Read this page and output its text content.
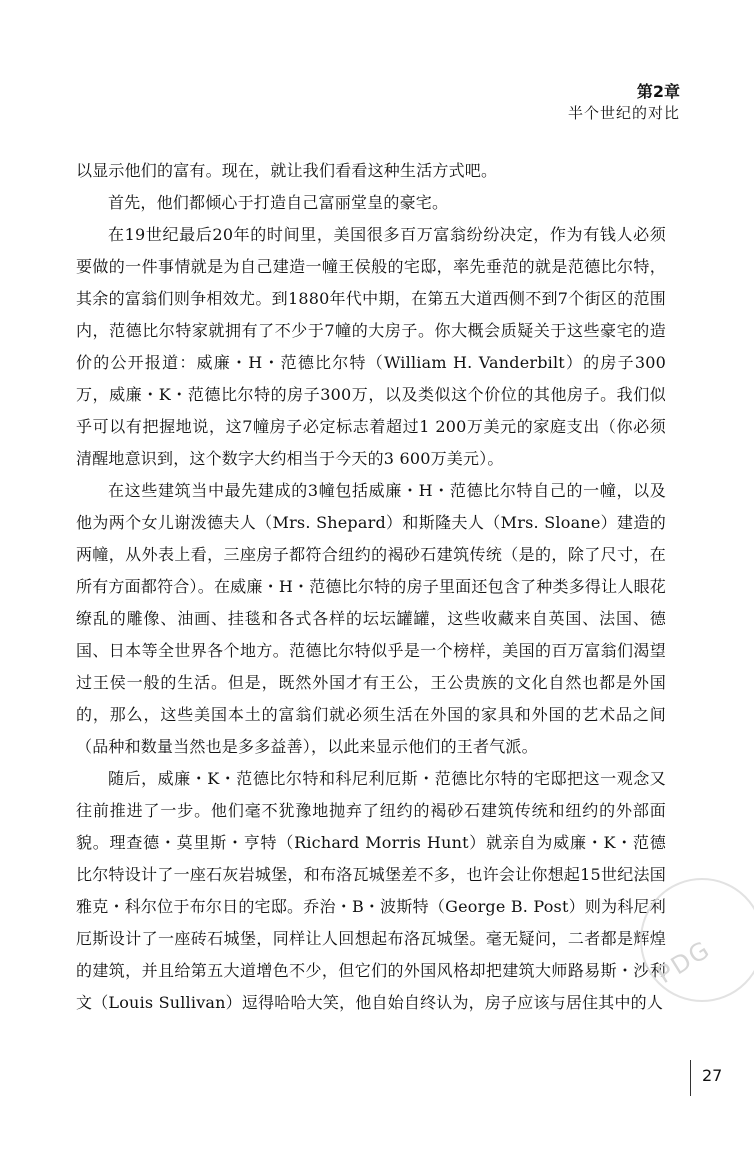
第2章
半个世纪的对比

以显示他们的富有。现在，就让我们看看这种生活方式吧。

首先，他们都倾心于打造自己富丽堂皇的豪宅。

在19世纪最后20年的时间里，美国很多百万富翁纷纷决定，作为有钱人必须要做的一件事情就是为自己建造一幢王侯般的宅邸，率先垂范的就是范德比尔特，其余的富翁们则争相效尤。到1880年代中期，在第五大道西侧不到7个街区的范围内，范德比尔特家就拥有了不少于7幢的大房子。你大概会质疑关于这些豪宅的造价的公开报道：威廉・H・范德比尔特（William H. Vanderbilt）的房子300万，威廉・K・范德比尔特的房子300万，以及类似这个价位的其他房子。我们似乎可以有把握地说，这7幢房子必定标志着超过1 200万美元的家庭支出（你必须清醒地意识到，这个数字大约相当于今天的3 600万美元）。

在这些建筑当中最先建成的3幢包括威廉・H・范德比尔特自己的一幢，以及他为两个女儿谢泼德夫人（Mrs. Shepard）和斯隆夫人（Mrs. Sloane）建造的两幢，从外表上看，三座房子都符合纽约的褐砂石建筑传统（是的，除了尺寸，在所有方面都符合）。在威廉・H・范德比尔特的房子里面还包含了种类多得让人眼花缭乱的雕像、油画、挂毯和各式各样的坛坛罐罐，这些收藏来自英国、法国、德国、日本等全世界各个地方。范德比尔特似乎是一个榜样，美国的百万富翁们渴望过王侯一般的生活。但是，既然外国才有王公，王公贵族的文化自然也都是外国的，那么，这些美国本土的富翁们就必须生活在外国的家具和外国的艺术品之间（品种和数量当然也是多多益善），以此来显示他们的王者气派。

随后，威廉・K・范德比尔特和科尼利厄斯・范德比尔特的宅邸把这一观念又往前推进了一步。他们毫不犹豫地抛弃了纽约的褐砂石建筑传统和纽约的外部面貌。理查德・莫里斯・亨特（Richard Morris Hunt）就亲自为威廉・K・范德比尔特设计了一座石灰岩城堡，和布洛瓦城堡差不多，也许会让你想起15世纪法国雅克・科尔位于布尔日的宅邸。乔治・B・波斯特（George B. Post）则为科尼利厄斯设计了一座砖石城堡，同样让人回想起布洛瓦城堡。毫无疑问，二者都是辉煌的建筑，并且给第五大道增色不少，但它们的外国风格却把建筑大师路易斯・沙利文（Louis Sullivan）逗得哈哈大笑，他自始自终认为，房子应该与居住其中的人

PDG
27
